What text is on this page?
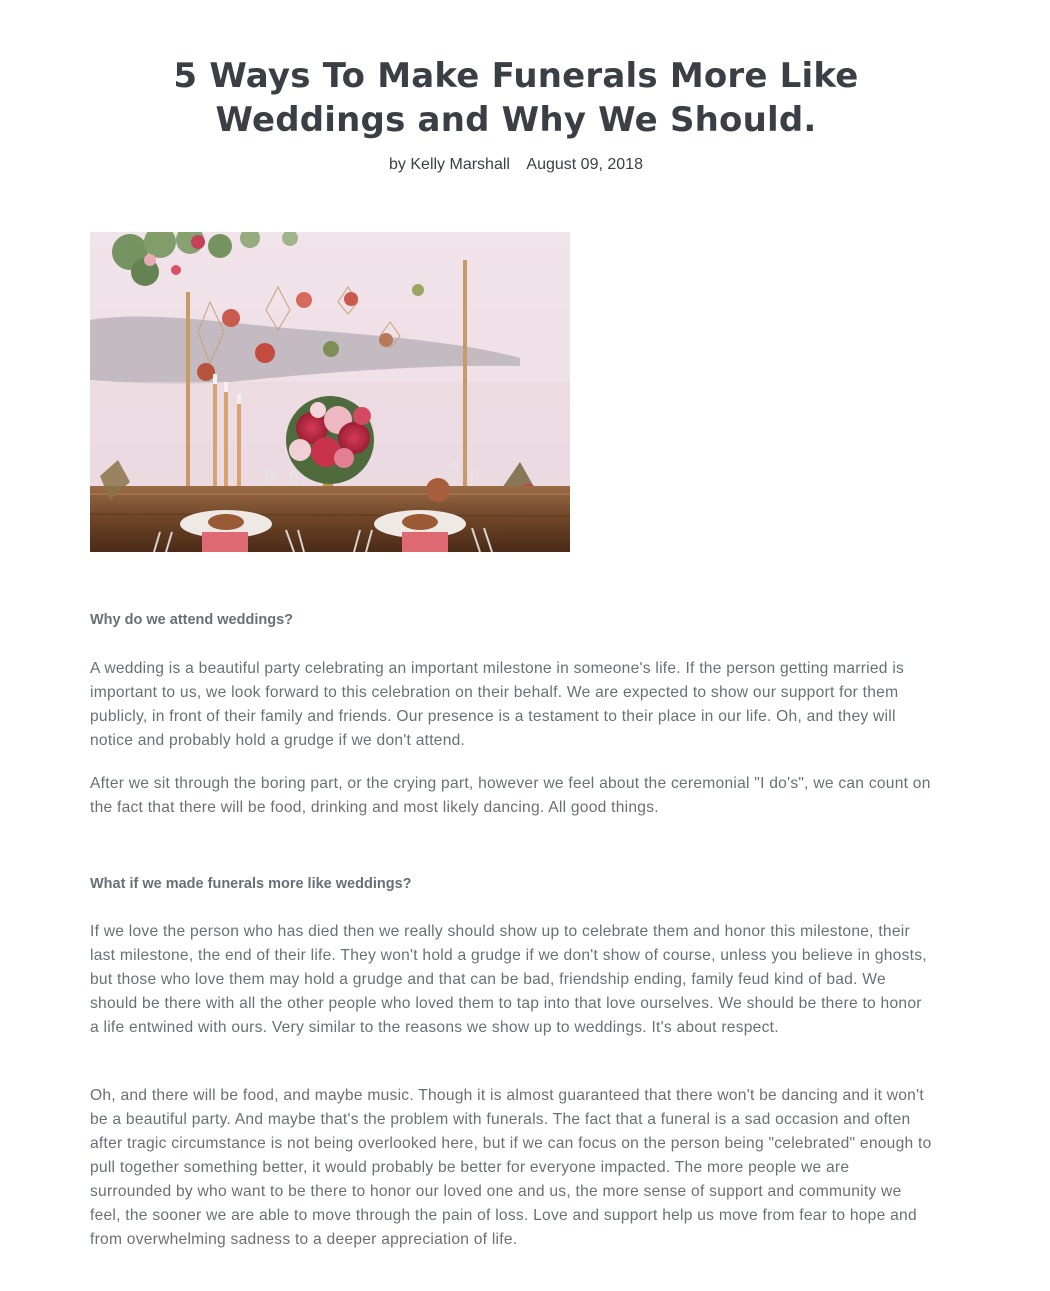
5 Ways To Make Funerals More Like Weddings and Why We Should.
by Kelly Marshall August 09, 2018
Why do we attend weddings?

A wedding is a beautiful party celebrating an important milestone in someone's life. If the person getting married is important to us, we look forward to this celebration on their behalf. We are expected to show our support for them publicly, in front of their family and friends. Our presence is a testament to their place in our life. Oh, and they will notice and probably hold a grudge if we don't attend.

After we sit through the boring part, or the crying part, however we feel about the ceremonial "I do's", we can count on the fact that there will be food, drinking and most likely dancing. All good things.

What if we made funerals more like weddings?

If we love the person who has died then we really should show up to celebrate them and honor this milestone, their last milestone, the end of their life. They won't hold a grudge if we don't show of course, unless you believe in ghosts, but those who love them may hold a grudge and that can be bad, friendship ending, family feud kind of bad. We should be there with all the other people who loved them to tap into that love ourselves. We should be there to honor a life entwined with ours. Very similar to the reasons we show up to weddings. It's about respect.

Oh, and there will be food, and maybe music. Though it is almost guaranteed that there won't be dancing and it won't be a beautiful party. And maybe that's the problem with funerals. The fact that a funeral is a sad occasion and often after tragic circumstance is not being overlooked here, but if we can focus on the person being "celebrated" enough to pull together something better, it would probably be better for everyone impacted. The more people we are surrounded by who want to be there to honor our loved one and us, the more sense of support and community we feel, the sooner we are able to move through the pain of loss. Love and support help us move from fear to hope and from overwhelming sadness to a deeper appreciation of life.
